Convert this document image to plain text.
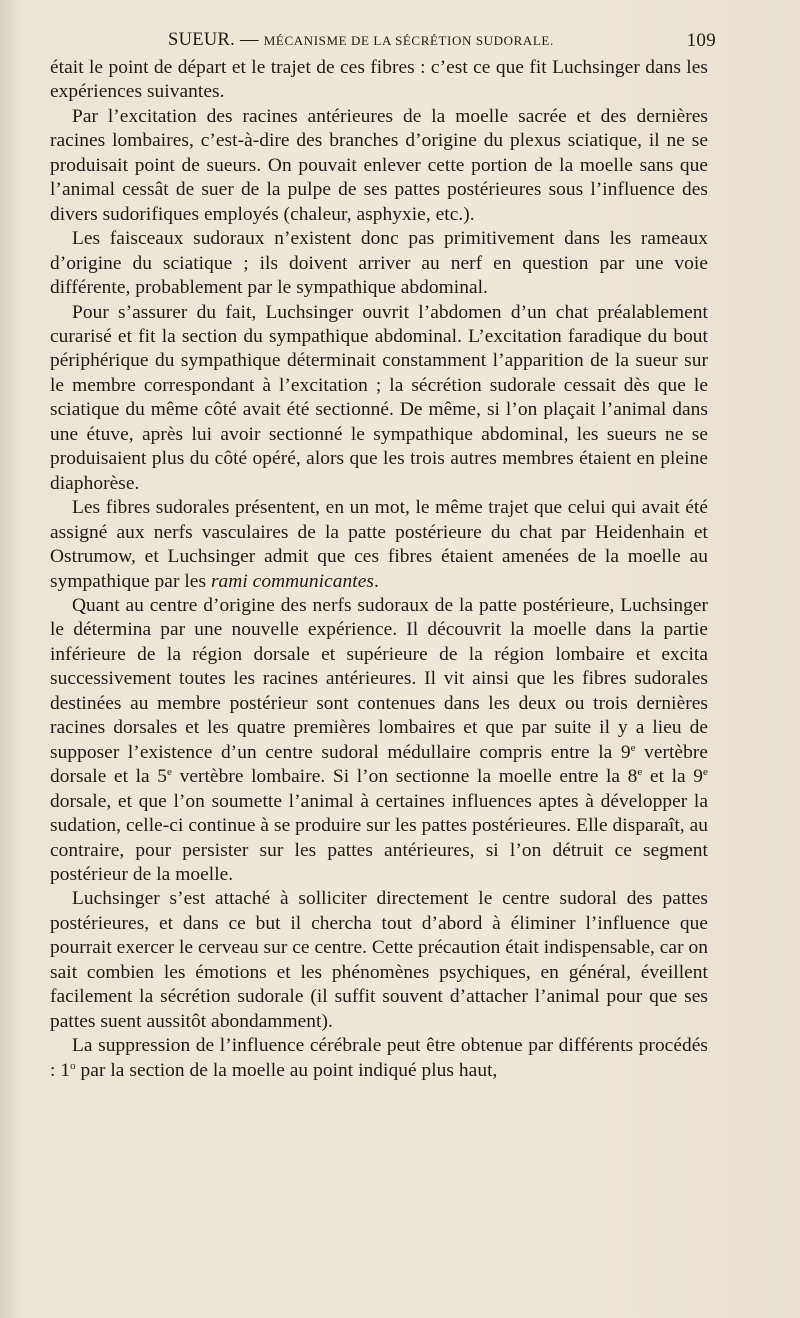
SUEUR. — MÉCANISME DE LA SÉCRÉTION SUDORALE.	109

était le point de départ et le trajet de ces fibres : c’est ce que fit Luchsinger dans les expériences suivantes.

Par l’excitation des racines antérieures de la moelle sacrée et des dernières racines lombaires, c’est-à-dire des branches d’origine du plexus sciatique, il ne se produisait point de sueurs. On pouvait enlever cette portion de la moelle sans que l’animal cessât de suer de la pulpe de ses pattes postérieures sous l’influence des divers sudorifiques employés (chaleur, asphyxie, etc.).

Les faisceaux sudoraux n’existent donc pas primitivement dans les rameaux d’origine du sciatique ; ils doivent arriver au nerf en question par une voie différente, probablement par le sympathique abdominal.

Pour s’assurer du fait, Luchsinger ouvrit l’abdomen d’un chat préalablement curarisé et fit la section du sympathique abdominal. L’excitation faradique du bout périphérique du sympathique déterminait constamment l’apparition de la sueur sur le membre correspondant à l’excitation ; la sécrétion sudorale cessait dès que le sciatique du même côté avait été sectionné. De même, si l’on plaçait l’animal dans une étuve, après lui avoir sectionné le sympathique abdominal, les sueurs ne se produisaient plus du côté opéré, alors que les trois autres membres étaient en pleine diaphorèse.

Les fibres sudorales présentent, en un mot, le même trajet que celui qui avait été assigné aux nerfs vasculaires de la patte postérieure du chat par Heidenhain et Ostrumow, et Luchsinger admit que ces fibres étaient amenées de la moelle au sympathique par les rami communicantes.

Quant au centre d’origine des nerfs sudoraux de la patte postérieure, Luchsinger le détermina par une nouvelle expérience. Il découvrit la moelle dans la partie inférieure de la région dorsale et supérieure de la région lombaire et excita successivement toutes les racines antérieures. Il vit ainsi que les fibres sudorales destinées au membre postérieur sont contenues dans les deux ou trois dernières racines dorsales et les quatre premières lombaires et que par suite il y a lieu de supposer l’existence d’un centre sudoral médullaire compris entre la 9e vertèbre dorsale et la 5e vertèbre lombaire. Si l’on sectionne la moelle entre la 8e et la 9e dorsale, et que l’on soumette l’animal à certaines influences aptes à développer la sudation, celle-ci continue à se produire sur les pattes postérieures. Elle disparaît, au contraire, pour persister sur les pattes antérieures, si l’on détruit ce segment postérieur de la moelle.

Luchsinger s’est attaché à solliciter directement le centre sudoral des pattes postérieures, et dans ce but il chercha tout d’abord à éliminer l’influence que pourrait exercer le cerveau sur ce centre. Cette précaution était indispensable, car on sait combien les émotions et les phénomènes psychiques, en général, éveillent facilement la sécrétion sudorale (il suffit souvent d’attacher l’animal pour que ses pattes suent aussitôt abondamment).

La suppression de l’influence cérébrale peut être obtenue par différents procédés : 1$^o$ par la section de la moelle au point indiqué plus haut,
